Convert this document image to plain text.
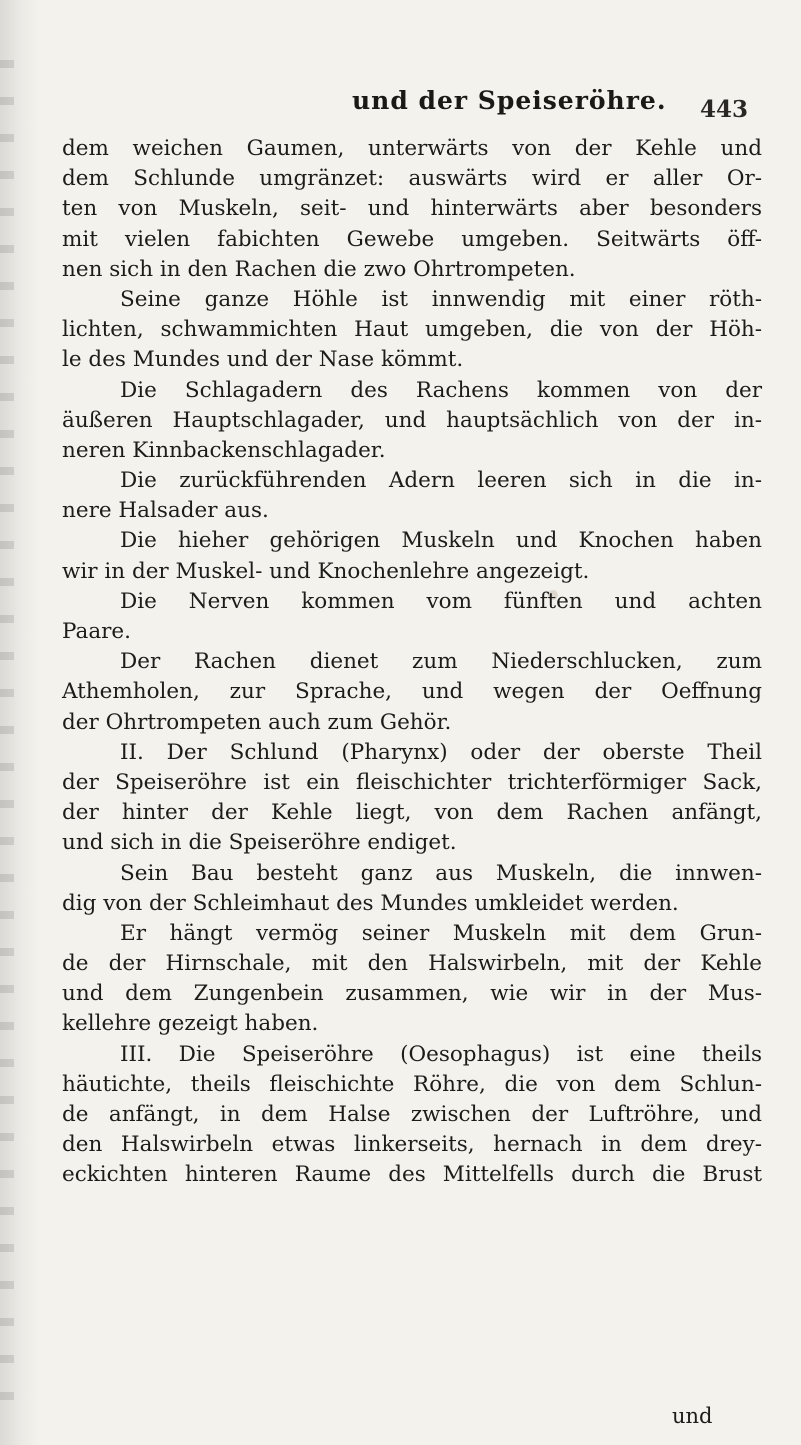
und der Speiseröhre. 443
dem weichen Gaumen, unterwärts von der Kehle und
dem Schlunde umgränzet: auswärts wird er aller Or-
ten von Muskeln, seit- und hinterwärts aber besonders
mit vielen fabichten Gewebe umgeben. Seitwärts öff-
nen sich in den Rachen die zwo Ohrtrompeten.
Seine ganze Höhle ist innwendig mit einer röth-
lichten, schwammichten Haut umgeben, die von der Höh-
le des Mundes und der Nase kömmt.
Die Schlagadern des Rachens kommen von der
äußeren Hauptschlagader, und hauptsächlich von der in-
neren Kinnbackenschlagader.
Die zurückführenden Adern leeren sich in die in-
nere Halsader aus.
Die hieher gehörigen Muskeln und Knochen haben
wir in der Muskel- und Knochenlehre angezeigt.
Die Nerven kommen vom fünften und achten
Paare.
Der Rachen dienet zum Niederschlucken, zum
Athemholen, zur Sprache, und wegen der Oeffnung
der Ohrtrompeten auch zum Gehör.
II. Der Schlund (Pharynx) oder der oberste Theil
der Speiseröhre ist ein fleischichter trichterförmiger Sack,
der hinter der Kehle liegt, von dem Rachen anfängt,
und sich in die Speiseröhre endiget.
Sein Bau besteht ganz aus Muskeln, die innwen-
dig von der Schleimhaut des Mundes umkleidet werden.
Er hängt vermög seiner Muskeln mit dem Grun-
de der Hirnschale, mit den Halswirbeln, mit der Kehle
und dem Zungenbein zusammen, wie wir in der Mus-
kellehre gezeigt haben.
III. Die Speiseröhre (Oesophagus) ist eine theils
häutichte, theils fleischichte Röhre, die von dem Schlun-
de anfängt, in dem Halse zwischen der Luftröhre, und
den Halswirbeln etwas linkerseits, hernach in dem drey-
eckichten hinteren Raume des Mittelfells durch die Brust
und
